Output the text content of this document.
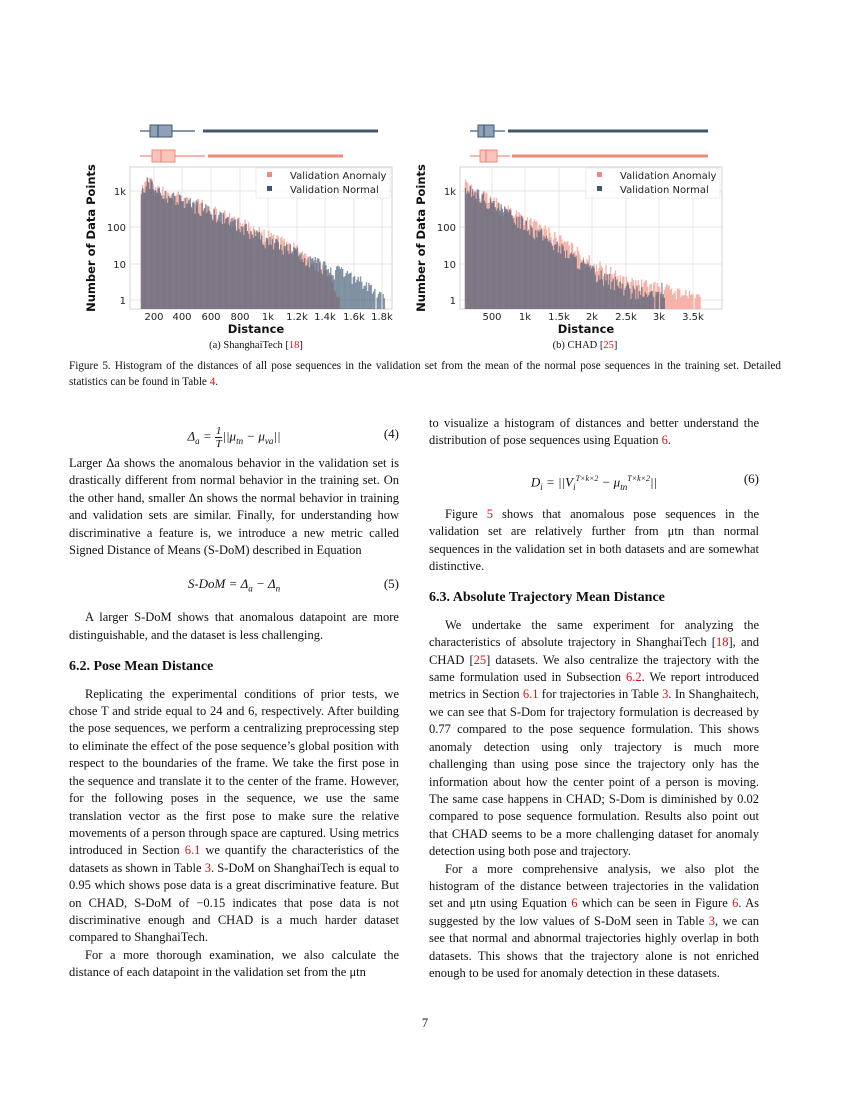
Validation Anomaly
Validation Normal
1
10
100
1k
200 400 600 800 1k 1.2k 1.4k 1.6k 1.8k
Distance
Number of Data Points	Validation Anomaly
Validation Normal
1
10
100
1k
500 1k 1.5k 2k 2.5k 3k 3.5k
Distance
Number of Data Points
(a) ShanghaiTech [18]	(b) CHAD [25]
Figure 5. Histogram of the distances of all pose sequences in the validation set from the mean of the normal pose sequences in the training set. Detailed statistics can be found in Table 4.
$\Delta_a = \frac{1}{T} ||\mu_{tn} - \mu_{va}||$	(4)

Larger Δa shows the anomalous behavior in the validation set is drastically different from normal behavior in the training set. On the other hand, smaller Δn shows the normal behavior in training and validation sets are similar. Finally, for understanding how discriminative a feature is, we introduce a new metric called Signed Distance of Means (S-DoM) described in Equation

$S-DoM = \Delta_a - \Delta_n$	(5)

A larger S-DoM shows that anomalous datapoint are more distinguishable, and the dataset is less challenging.

6.2. Pose Mean Distance

Replicating the experimental conditions of prior tests, we chose T and stride equal to 24 and 6, respectively. After building the pose sequences, we perform a centralizing preprocessing step to eliminate the effect of the pose sequence’s global position with respect to the boundaries of the frame. We take the first pose in the sequence and translate it to the center of the frame. However, for the following poses in the sequence, we use the same translation vector as the first pose to make sure the relative movements of a person through space are captured. Using metrics introduced in Section 6.1 we quantify the characteristics of the datasets as shown in Table 3. S-DoM on ShanghaiTech is equal to 0.95 which shows pose data is a great discriminative feature. But on CHAD, S-DoM of −0.15 indicates that pose data is not discriminative enough and CHAD is a much harder dataset compared to ShanghaiTech.

For a more thorough examination, we also calculate the distance of each datapoint in the validation set from the μtn

to visualize a histogram of distances and better understand the distribution of pose sequences using Equation 6.

$D_i = ||V_i^{T\times k\times 2} - \mu_{tn}^{T\times k\times 2}||$	(6)

Figure 5 shows that anomalous pose sequences in the validation set are relatively further from μtn than normal sequences in the validation set in both datasets and are somewhat distinctive.

6.3. Absolute Trajectory Mean Distance

We undertake the same experiment for analyzing the characteristics of absolute trajectory in ShanghaiTech [18], and CHAD [25] datasets. We also centralize the trajectory with the same formulation used in Subsection 6.2. We report introduced metrics in Section 6.1 for trajectories in Table 3. In Shanghaitech, we can see that S-Dom for trajectory formulation is decreased by 0.77 compared to the pose sequence formulation. This shows anomaly detection using only trajectory is much more challenging than using pose since the trajectory only has the information about how the center point of a person is moving. The same case happens in CHAD; S-Dom is diminished by 0.02 compared to pose sequence formulation. Results also point out that CHAD seems to be a more challenging dataset for anomaly detection using both pose and trajectory.

For a more comprehensive analysis, we also plot the histogram of the distance between trajectories in the validation set and μtn using Equation 6 which can be seen in Figure 6. As suggested by the low values of S-DoM seen in Table 3, we can see that normal and abnormal trajectories highly overlap in both datasets. This shows that the trajectory alone is not enriched enough to be used for anomaly detection in these datasets.

7
